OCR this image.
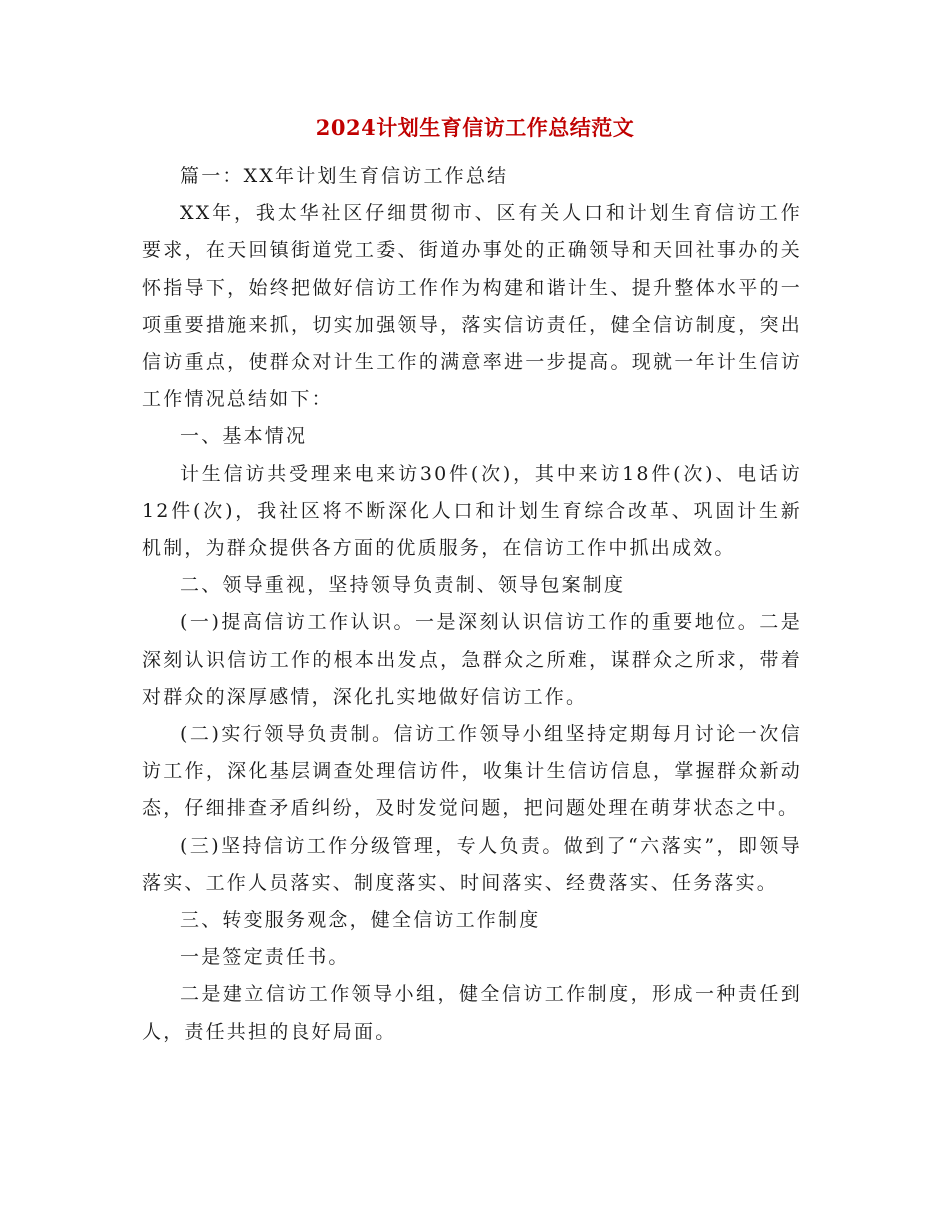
2024计划生育信访工作总结范文

篇一：XX年计划生育信访工作总结

XX年，我太华社区仔细贯彻市、区有关人口和计划生育信访工作要求，在天回镇街道党工委、街道办事处的正确领导和天回社事办的关怀指导下，始终把做好信访工作作为构建和谐计生、提升整体水平的一项重要措施来抓，切实加强领导，落实信访责任，健全信访制度，突出信访重点，使群众对计生工作的满意率进一步提高。现就一年计生信访工作情况总结如下：

一、基本情况

计生信访共受理来电来访30件(次)，其中来访18件(次)、电话访12件(次)，我社区将不断深化人口和计划生育综合改革、巩固计生新机制，为群众提供各方面的优质服务，在信访工作中抓出成效。

二、领导重视，坚持领导负责制、领导包案制度

(一)提高信访工作认识。一是深刻认识信访工作的重要地位。二是深刻认识信访工作的根本出发点，急群众之所难，谋群众之所求，带着对群众的深厚感情，深化扎实地做好信访工作。

(二)实行领导负责制。信访工作领导小组坚持定期每月讨论一次信访工作，深化基层调查处理信访件，收集计生信访信息，掌握群众新动态，仔细排查矛盾纠纷，及时发觉问题，把问题处理在萌芽状态之中。

(三)坚持信访工作分级管理，专人负责。做到了“六落实”，即领导落实、工作人员落实、制度落实、时间落实、经费落实、任务落实。

三、转变服务观念，健全信访工作制度

一是签定责任书。

二是建立信访工作领导小组，健全信访工作制度，形成一种责任到人，责任共担的良好局面。
